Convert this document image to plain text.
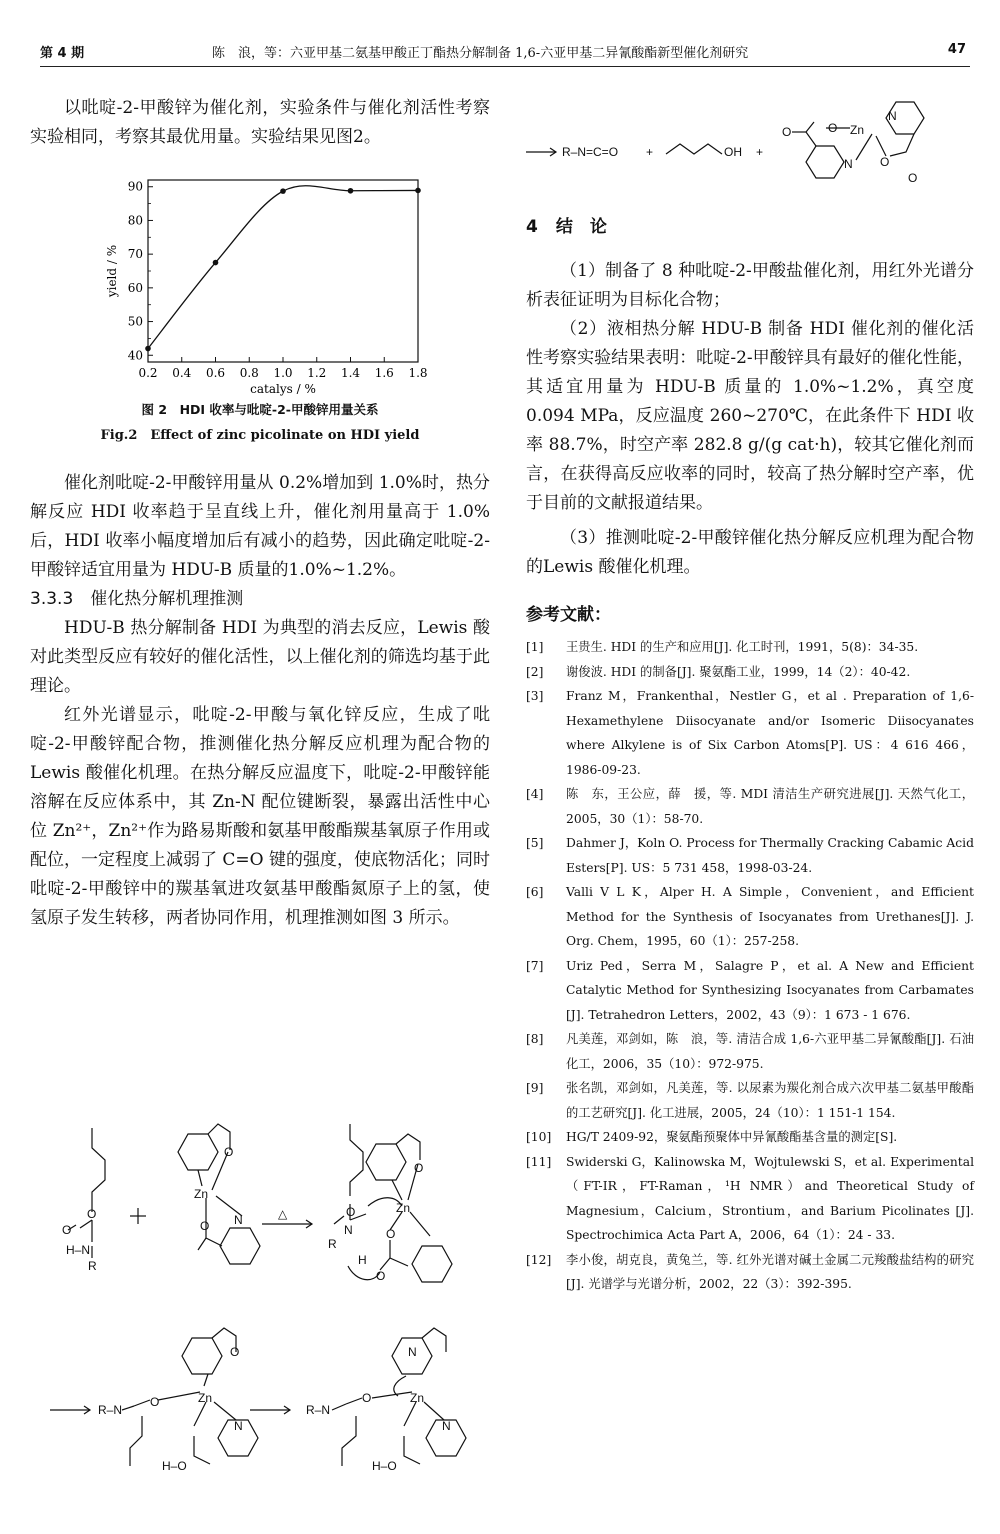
第 4 期	陈　浪，等：六亚甲基二氨基甲酸正丁酯热分解制备 1,6-六亚甲基二异氰酸酯新型催化剂研究	47

以吡啶-2-甲酸锌为催化剂，实验条件与催化剂活性考察实验相同，考察其最优用量。实验结果见图2。

0.2 0.4 0.6 0.8 1.0 1.2 1.4 1.6 1.8
40
50
60
70
80
90
catalys / %
yield / %
图 2　HDI 收率与吡啶-2-甲酸锌用量关系
Fig.2　Effect of zinc picolinate on HDI yield

催化剂吡啶-2-甲酸锌用量从 0.2%增加到 1.0%时，热分解反应 HDI 收率趋于呈直线上升，催化剂用量高于 1.0%后，HDI 收率小幅度增加后有减小的趋势，因此确定吡啶-2-甲酸锌适宜用量为 HDU-B 质量的1.0%~1.2%。

3.3.3　催化热分解机理推测

HDU-B 热分解制备 HDI 为典型的消去反应，Lewis 酸对此类型反应有较好的催化活性，以上催化剂的筛选均基于此理论。

红外光谱显示，吡啶-2-甲酸与氧化锌反应，生成了吡啶-2-甲酸锌配合物，推测催化热分解反应机理为配合物的 Lewis 酸催化机理。在热分解反应温度下，吡啶-2-甲酸锌能溶解在反应体系中，其 Zn-N 配位键断裂，暴露出活性中心位 Zn²⁺，Zn²⁺作为路易斯酸和氨基甲酸酯羰基氧原子作用或配位，一定程度上减弱了 C=O 键的强度，使底物活化；同时吡啶-2-甲酸锌中的羰基氧进攻氨基甲酸酯氮原子上的氢，使氢原子发生转移，两者协同作用，机理推测如图 3 所示。

O
O
H–N
R
Zn
O
O N	△	O
N
R
H
Zn
O
O
O
R–N
O	Zn
O
H–O
N
R–N
O	Zn
N
H–O
N
R–N=C=O +	OH +
O	O Zn
N
N
O
O
4 结　论

（1）制备了 8 种吡啶-2-甲酸盐催化剂，用红外光谱分析表征证明为目标化合物；

（2）液相热分解 HDU-B 制备 HDI 催化剂的催化活性考察实验结果表明：吡啶-2-甲酸锌具有最好的催化性能，其适宜用量为 HDU-B 质量的 1.0%~1.2%，真空度 0.094 MPa，反应温度 260~270℃，在此条件下 HDI 收率 88.7%，时空产率 282.8 g/(g cat·h)，较其它催化剂而言，在获得高反应收率的同时，较高了热分解时空产率，优于目前的文献报道结果。

（3）推测吡啶-2-甲酸锌催化热分解反应机理为配合物的Lewis 酸催化机理。

参考文献：
[1]	王贵生. HDI 的生产和应用[J]. 化工时刊，1991，5(8)：34-35.
[2]	谢俊波. HDI 的制备[J]. 聚氨酯工业，1999，14（2）：40-42.
[3]	Franz M，Frankenthal，Nestler G，et al . Preparation of 1,6-Hexamethylene Diisocyanate and/or Isomeric Diisocyanates where Alkylene is of Six Carbon Atoms[P]. US：4 616 466，1986-09-23.
[4]	陈　东，王公应，薛　援，等. MDI 清洁生产研究进展[J]. 天然气化工，2005，30（1）：58-70.
[5]	Dahmer J，Koln O. Process for Thermally Cracking Cabamic Acid Esters[P]. US：5 731 458，1998-03-24.
[6]	Valli V L K，Alper H. A Simple，Convenient，and Efficient Method for the Synthesis of Isocyanates from Urethanes[J]. J. Org. Chem，1995，60（1）：257-258.
[7]	Uriz Ped，Serra M，Salagre P，et al. A New and Efficient Catalytic Method for Synthesizing Isocyanates from Carbamates [J]. Tetrahedron Letters，2002，43（9）：1 673 - 1 676.
[8]	凡美莲，邓剑如，陈　浪，等. 清洁合成 1,6-六亚甲基二异氰酸酯[J]. 石油化工，2006，35（10）：972-975.
[9]	张名凯，邓剑如，凡美莲，等. 以尿素为羰化剂合成六次甲基二氨基甲酸酯的工艺研究[J]. 化工进展，2005，24（10）：1 151-1 154.
[10]	HG/T 2409-92，聚氨酯预聚体中异氰酸酯基含量的测定[S].
[11]	Swiderski G，Kalinowska M，Wojtulewski S，et al. Experimental（FT-IR，FT-Raman，¹H NMR）and Theoretical Study of Magnesium，Calcium，Strontium，and Barium Picolinates [J]. Spectrochimica Acta Part A，2006，64（1）：24 - 33.
[12]	李小俊，胡克良，黄兔兰，等. 红外光谱对碱土金属二元羧酸盐结构的研究 [J]. 光谱学与光谱分析，2002，22（3）：392-395.
